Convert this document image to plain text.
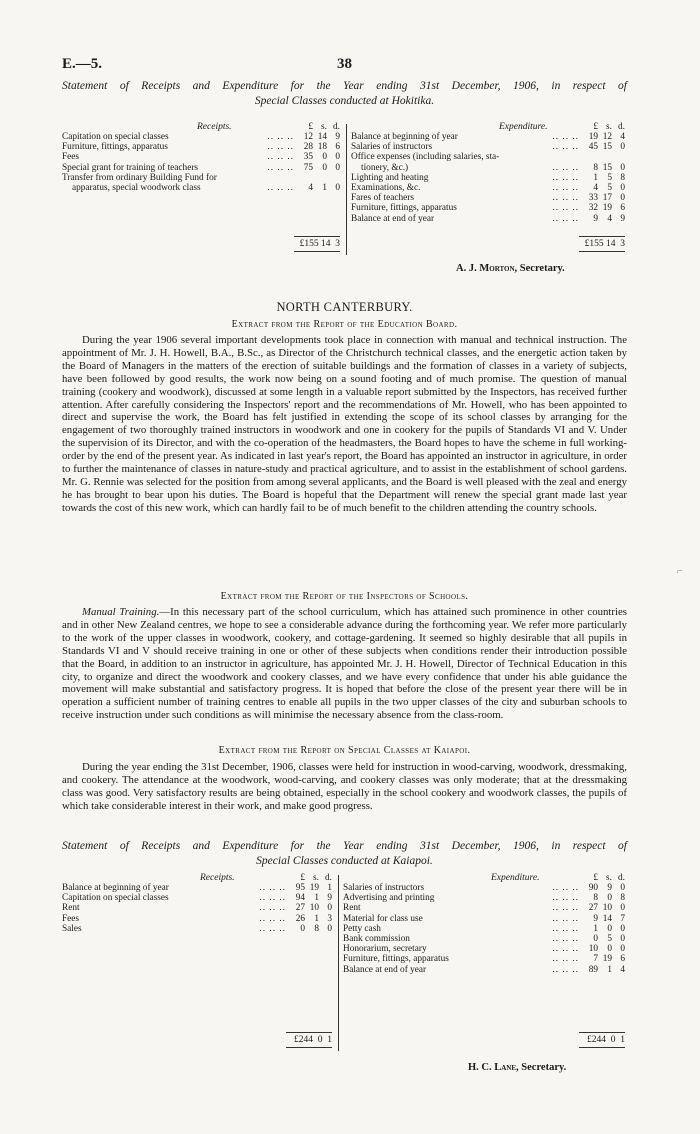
E.—5.	38
Statement of Receipts and Expenditure for the Year ending 31st December, 1906, in respect of
Special Classes conducted at Hokitika.
Receipts.	£ s. d.
Capitation on special classes	.. .. ..	12 14 9
Furniture, fittings, apparatus	.. .. ..	28 18 6
Fees	.. .. ..	35	0 0
Special grant for training of teachers	.. .. ..	75	0 0
Transfer from ordinary Building Fund for
apparatus, special woodwork class	.. .. ..	4	1 0
£155 14  3
Expenditure.	£ s. d.
Balance at beginning of year	.. .. ..	19 12 4
Salaries of instructors	.. .. ..	45 15 0
Office expenses (including salaries, sta-
tionery, &c.)	.. .. ..	8 15 0
Lighting and heating	.. .. ..	1	5 8
Examinations, &c.	.. .. ..	4	5 0
Fares of teachers	.. .. ..	33 17 0
Furniture, fittings, apparatus	.. .. ..	32 19 6
Balance at end of year	.. .. ..	9	4 9
£155 14  3
A. J. Morton, Secretary.
NORTH CANTERBURY.
Extract from the Report of the Education Board.
During the year 1906 several important developments took place in connection with manual and technical instruction. The appointment of Mr. J. H. Howell, B.A., B.Sc., as Director of the Christchurch technical classes, and the energetic action taken by the Board of Managers in the matters of the erection of suitable buildings and the formation of classes in a variety of subjects, have been followed by good results, the work now being on a sound footing and of much promise. The question of manual training (cookery and woodwork), discussed at some length in a valuable report submitted by the Inspectors, has received further attention. After carefully considering the Inspectors' report and the recommendations of Mr. Howell, who has been appointed to direct and supervise the work, the Board has felt justified in extending the scope of its school classes by arranging for the engagement of two thoroughly trained instructors in woodwork and one in cookery for the pupils of Standards VI and V. Under the supervision of its Director, and with the co-operation of the headmasters, the Board hopes to have the scheme in full working-order by the end of the present year. As indicated in last year's report, the Board has appointed an instructor in agriculture, in order to further the maintenance of classes in nature-study and practical agriculture, and to assist in the establishment of school gardens. Mr. G. Rennie was selected for the position from among several applicants, and the Board is well pleased with the zeal and energy he has brought to bear upon his duties. The Board is hopeful that the Department will renew the special grant made last year towards the cost of this new work, which can hardly fail to be of much benefit to the children attending the country schools.
Extract from the Report of the Inspectors of Schools.
Manual Training.—In this necessary part of the school curriculum, which has attained such prominence in other countries and in other New Zealand centres, we hope to see a considerable advance during the forthcoming year. We refer more particularly to the work of the upper classes in woodwork, cookery, and cottage-gardening. It seemed so highly desirable that all pupils in Standards VI and V should receive training in one or other of these subjects when conditions render their introduction possible that the Board, in addition to an instructor in agriculture, has appointed Mr. J. H. Howell, Director of Technical Education in this city, to organize and direct the woodwork and cookery classes, and we have every confidence that under his able guidance the movement will make substantial and satisfactory progress. It is hoped that before the close of the present year there will be in operation a sufficient number of training centres to enable all pupils in the two upper classes of the city and suburban schools to receive instruction under such conditions as will minimise the necessary absence from the class-room.
Extract from the Report on Special Classes at Kaiapoi.
During the year ending the 31st December, 1906, classes were held for instruction in wood-carving, woodwork, dressmaking, and cookery. The attendance at the woodwork, wood-carving, and cookery classes was only moderate; that at the dressmaking class was good. Very satisfactory results are being obtained, especially in the school cookery and woodwork classes, the pupils of which take considerable interest in their work, and make good progress.
Statement of Receipts and Expenditure for the Year ending 31st December, 1906, in respect of
Special Classes conducted at Kaiapoi.
Receipts.	£ s. d.
Balance at beginning of year	.. .. ..	95 19 1
Capitation on special classes	.. .. ..	94	1 9
Rent	.. .. ..	27 10 0
Fees	.. .. ..	26	1 3
Sales	.. .. ..	0	8 0
£244  0  1
Expenditure.	£ s. d.
Salaries of instructors	.. .. ..	90	9 0
Advertising and printing	.. .. ..	8	0 8
Rent	.. .. ..	27 10 0
Material for class use	.. .. ..	9 14 7
Petty cash	.. .. ..	1	0 0
Bank commission	.. .. ..	0	5 0
Honorarium, secretary	.. .. ..	10	0 0
Furniture, fittings, apparatus	.. .. ..	7 19 6
Balance at end of year	.. .. ..	89	1 4
£244  0  1
H. C. Lane, Secretary.
⌐
